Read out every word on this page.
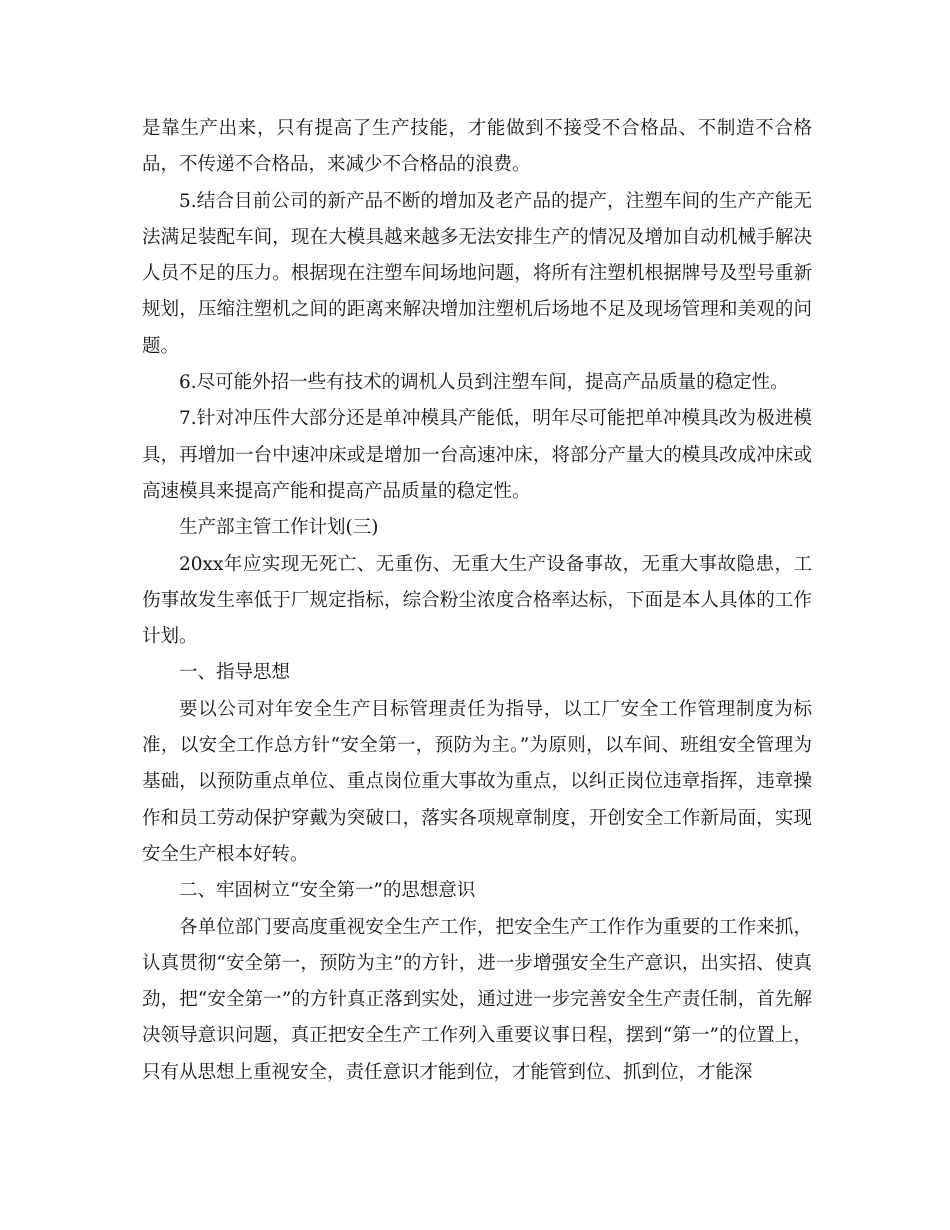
是靠生产出来，只有提高了生产技能，才能做到不接受不合格品、不制造不合格品，不传递不合格品，来减少不合格品的浪费。

5.结合目前公司的新产品不断的增加及老产品的提产，注塑车间的生产产能无法满足装配车间，现在大模具越来越多无法安排生产的情况及增加自动机械手解决人员不足的压力。根据现在注塑车间场地问题，将所有注塑机根据牌号及型号重新规划，压缩注塑机之间的距离来解决增加注塑机后场地不足及现场管理和美观的问题。

6.尽可能外招一些有技术的调机人员到注塑车间，提高产品质量的稳定性。

7.针对冲压件大部分还是单冲模具产能低，明年尽可能把单冲模具改为极进模具，再增加一台中速冲床或是增加一台高速冲床，将部分产量大的模具改成冲床或高速模具来提高产能和提高产品质量的稳定性。

生产部主管工作计划(三)

20xx年应实现无死亡、无重伤、无重大生产设备事故，无重大事故隐患，工伤事故发生率低于厂规定指标，综合粉尘浓度合格率达标，下面是本人具体的工作计划。

一、指导思想

要以公司对年安全生产目标管理责任为指导，以工厂安全工作管理制度为标准，以安全工作总方针“安全第一，预防为主。”为原则，以车间、班组安全管理为基础，以预防重点单位、重点岗位重大事故为重点，以纠正岗位违章指挥，违章操作和员工劳动保护穿戴为突破口，落实各项规章制度，开创安全工作新局面，实现安全生产根本好转。

二、牢固树立“安全第一”的思想意识

各单位部门要高度重视安全生产工作，把安全生产工作作为重要的工作来抓，认真贯彻“安全第一，预防为主”的方针，进一步增强安全生产意识，出实招、使真劲，把“安全第一”的方针真正落到实处，通过进一步完善安全生产责任制，首先解决领导意识问题，真正把安全生产工作列入重要议事日程，摆到“第一”的位置上，只有从思想上重视安全，责任意识才能到位，才能管到位、抓到位，才能深
